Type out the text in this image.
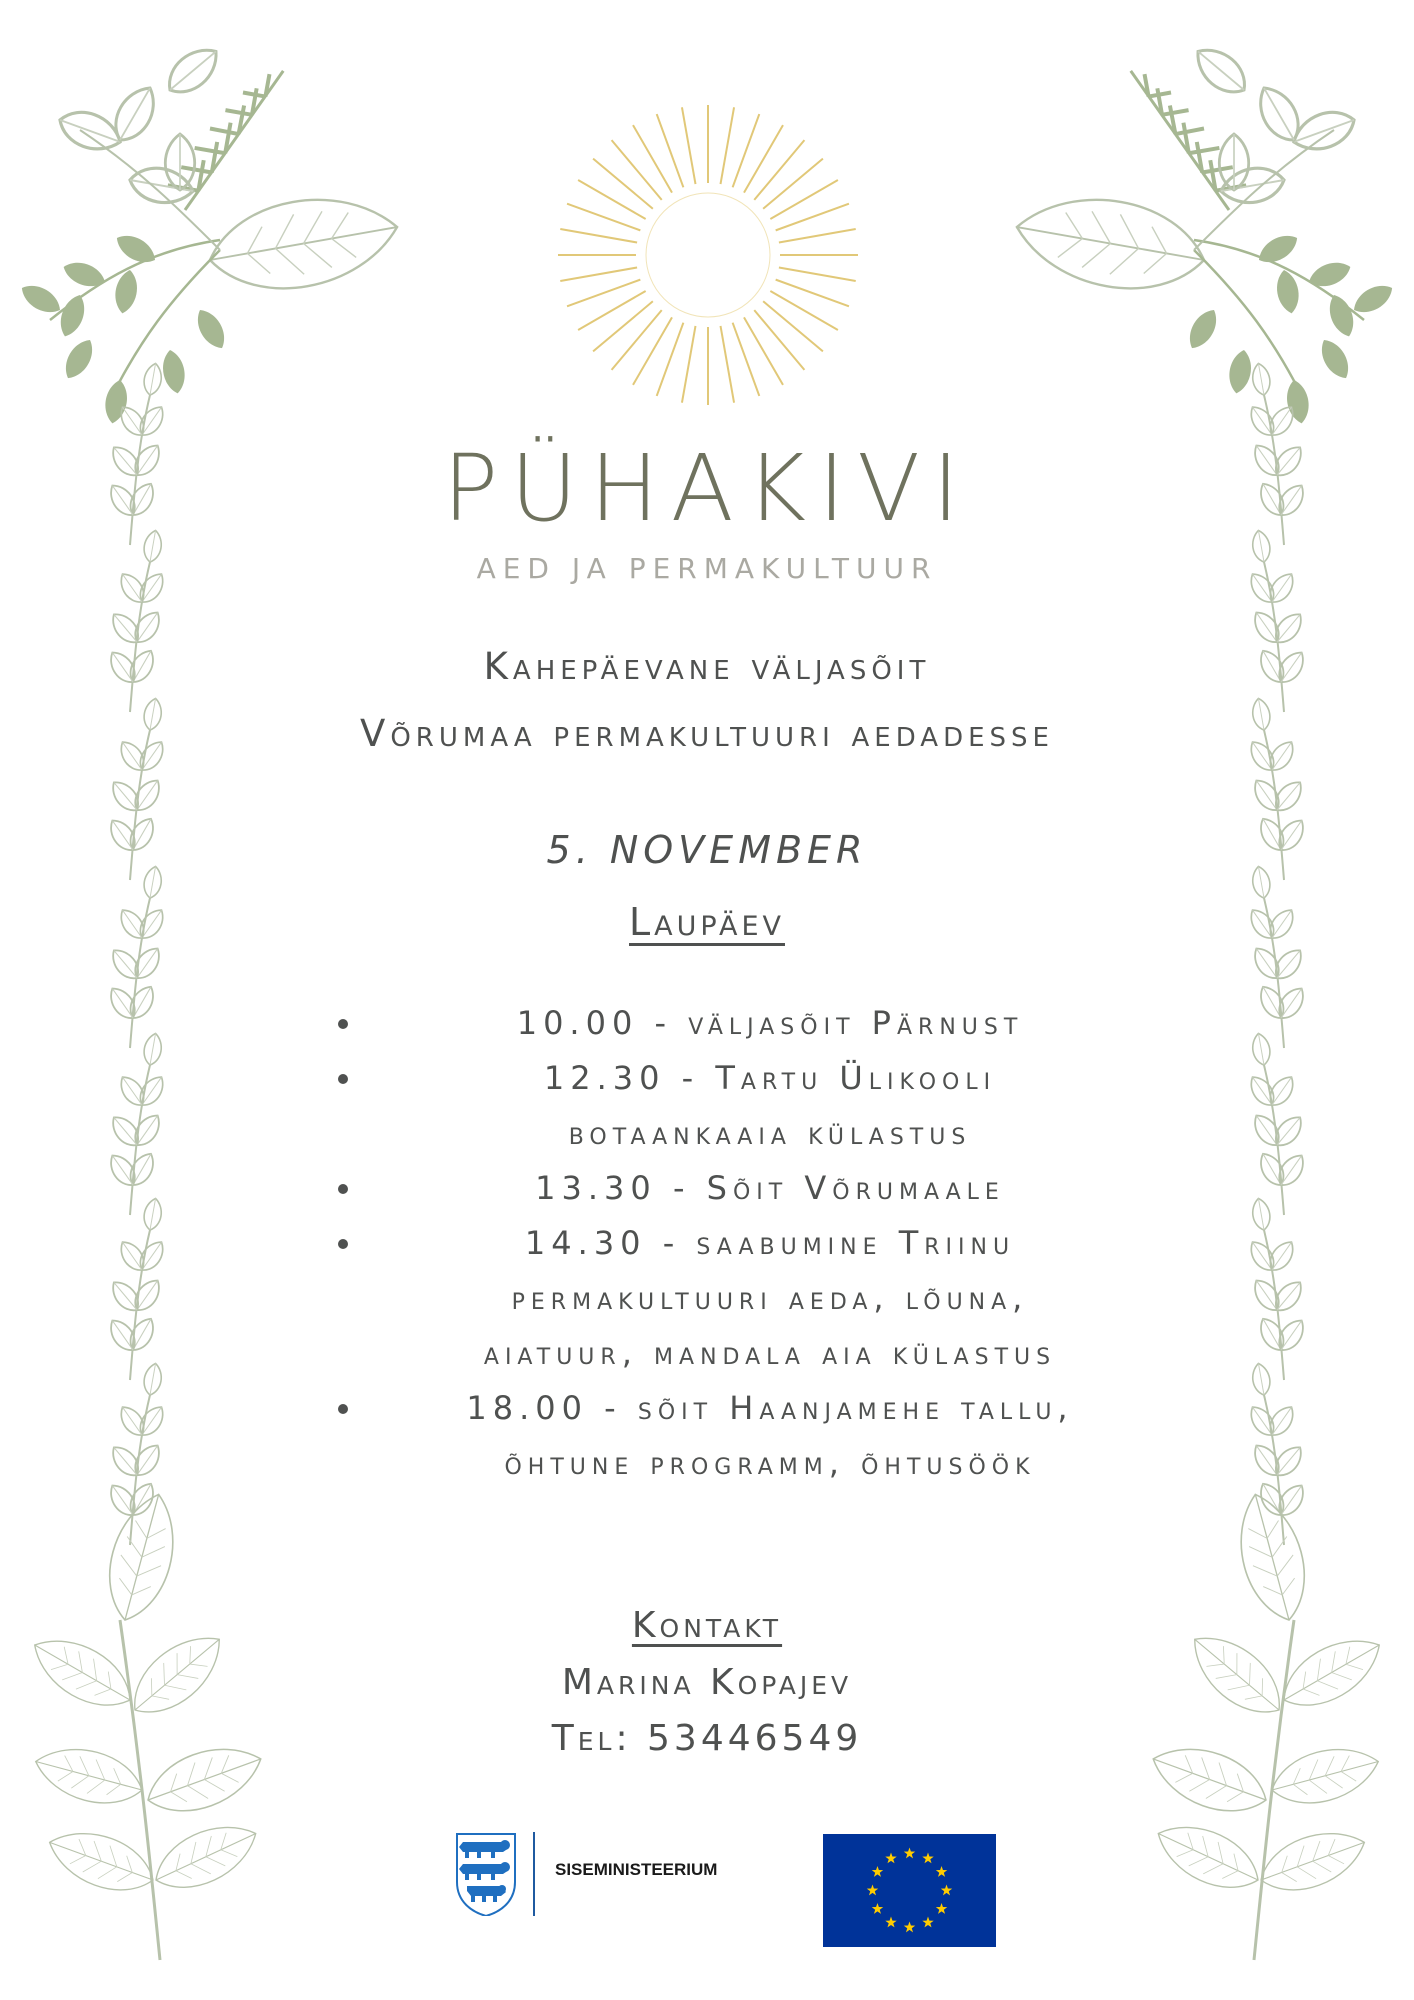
PÜHAKIVI
AED JA PERMAKULTUUR
Kahepäevane väljasõit
Võrumaa permakultuuri aedadesse
5. NOVEMBER
Laupäev
10.00 - väljasõit Pärnust
12.30 - Tartu Ülikooli
botaankaaia külastus
13.30 - Sõit Võrumaale
14.30 - saabumine Triinu
permakultuuri aeda, lõuna,
aiatuur, mandala aia külastus
18.00 - sõit Haanjamehe tallu,
õhtune programm, õhtusöök
Kontakt
Marina Kopajev
Tel: 53446549
SISEMINISTEERIUM
